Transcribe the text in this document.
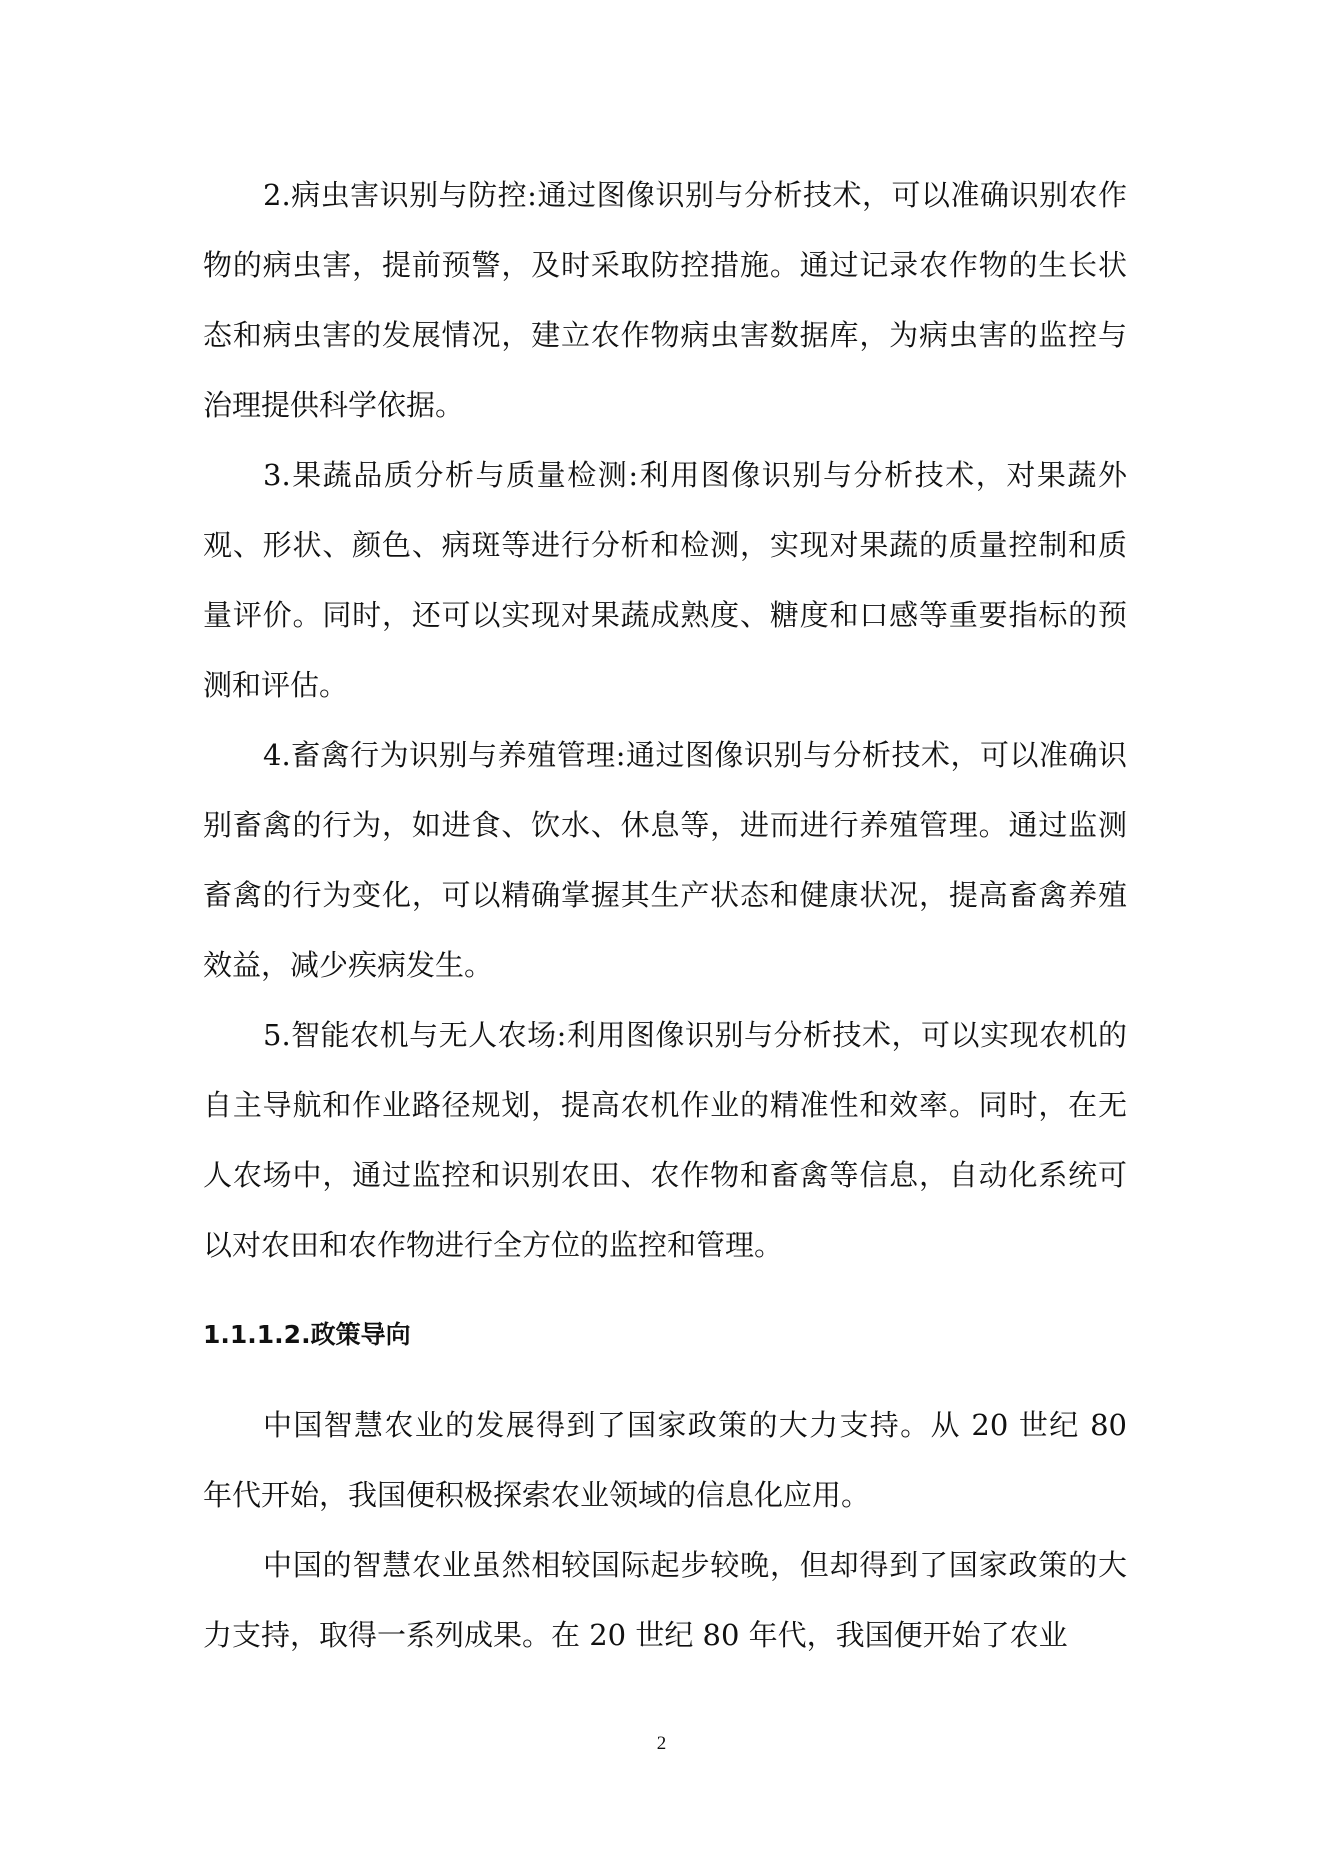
2.病虫害识别与防控:通过图像识别与分析技术，可以准确识别农作物的病虫害，提前预警，及时采取防控措施。通过记录农作物的生长状态和病虫害的发展情况，建立农作物病虫害数据库，为病虫害的监控与治理提供科学依据。

3.果蔬品质分析与质量检测:利用图像识别与分析技术，对果蔬外观、形状、颜色、病斑等进行分析和检测，实现对果蔬的质量控制和质量评价。同时，还可以实现对果蔬成熟度、糖度和口感等重要指标的预测和评估。

4.畜禽行为识别与养殖管理:通过图像识别与分析技术，可以准确识别畜禽的行为，如进食、饮水、休息等，进而进行养殖管理。通过监测畜禽的行为变化，可以精确掌握其生产状态和健康状况，提高畜禽养殖效益，减少疾病发生。

5.智能农机与无人农场:利用图像识别与分析技术，可以实现农机的自主导航和作业路径规划，提高农机作业的精准性和效率。同时，在无人农场中，通过监控和识别农田、农作物和畜禽等信息，自动化系统可以对农田和农作物进行全方位的监控和管理。

1.1.1.2.政策导向

中国智慧农业的发展得到了国家政策的大力支持。从 20 世纪 80 年代开始，我国便积极探索农业领域的信息化应用。

中国的智慧农业虽然相较国际起步较晚，但却得到了国家政策的大力支持，取得一系列成果。在 20 世纪 80 年代，我国便开始了农业

2
